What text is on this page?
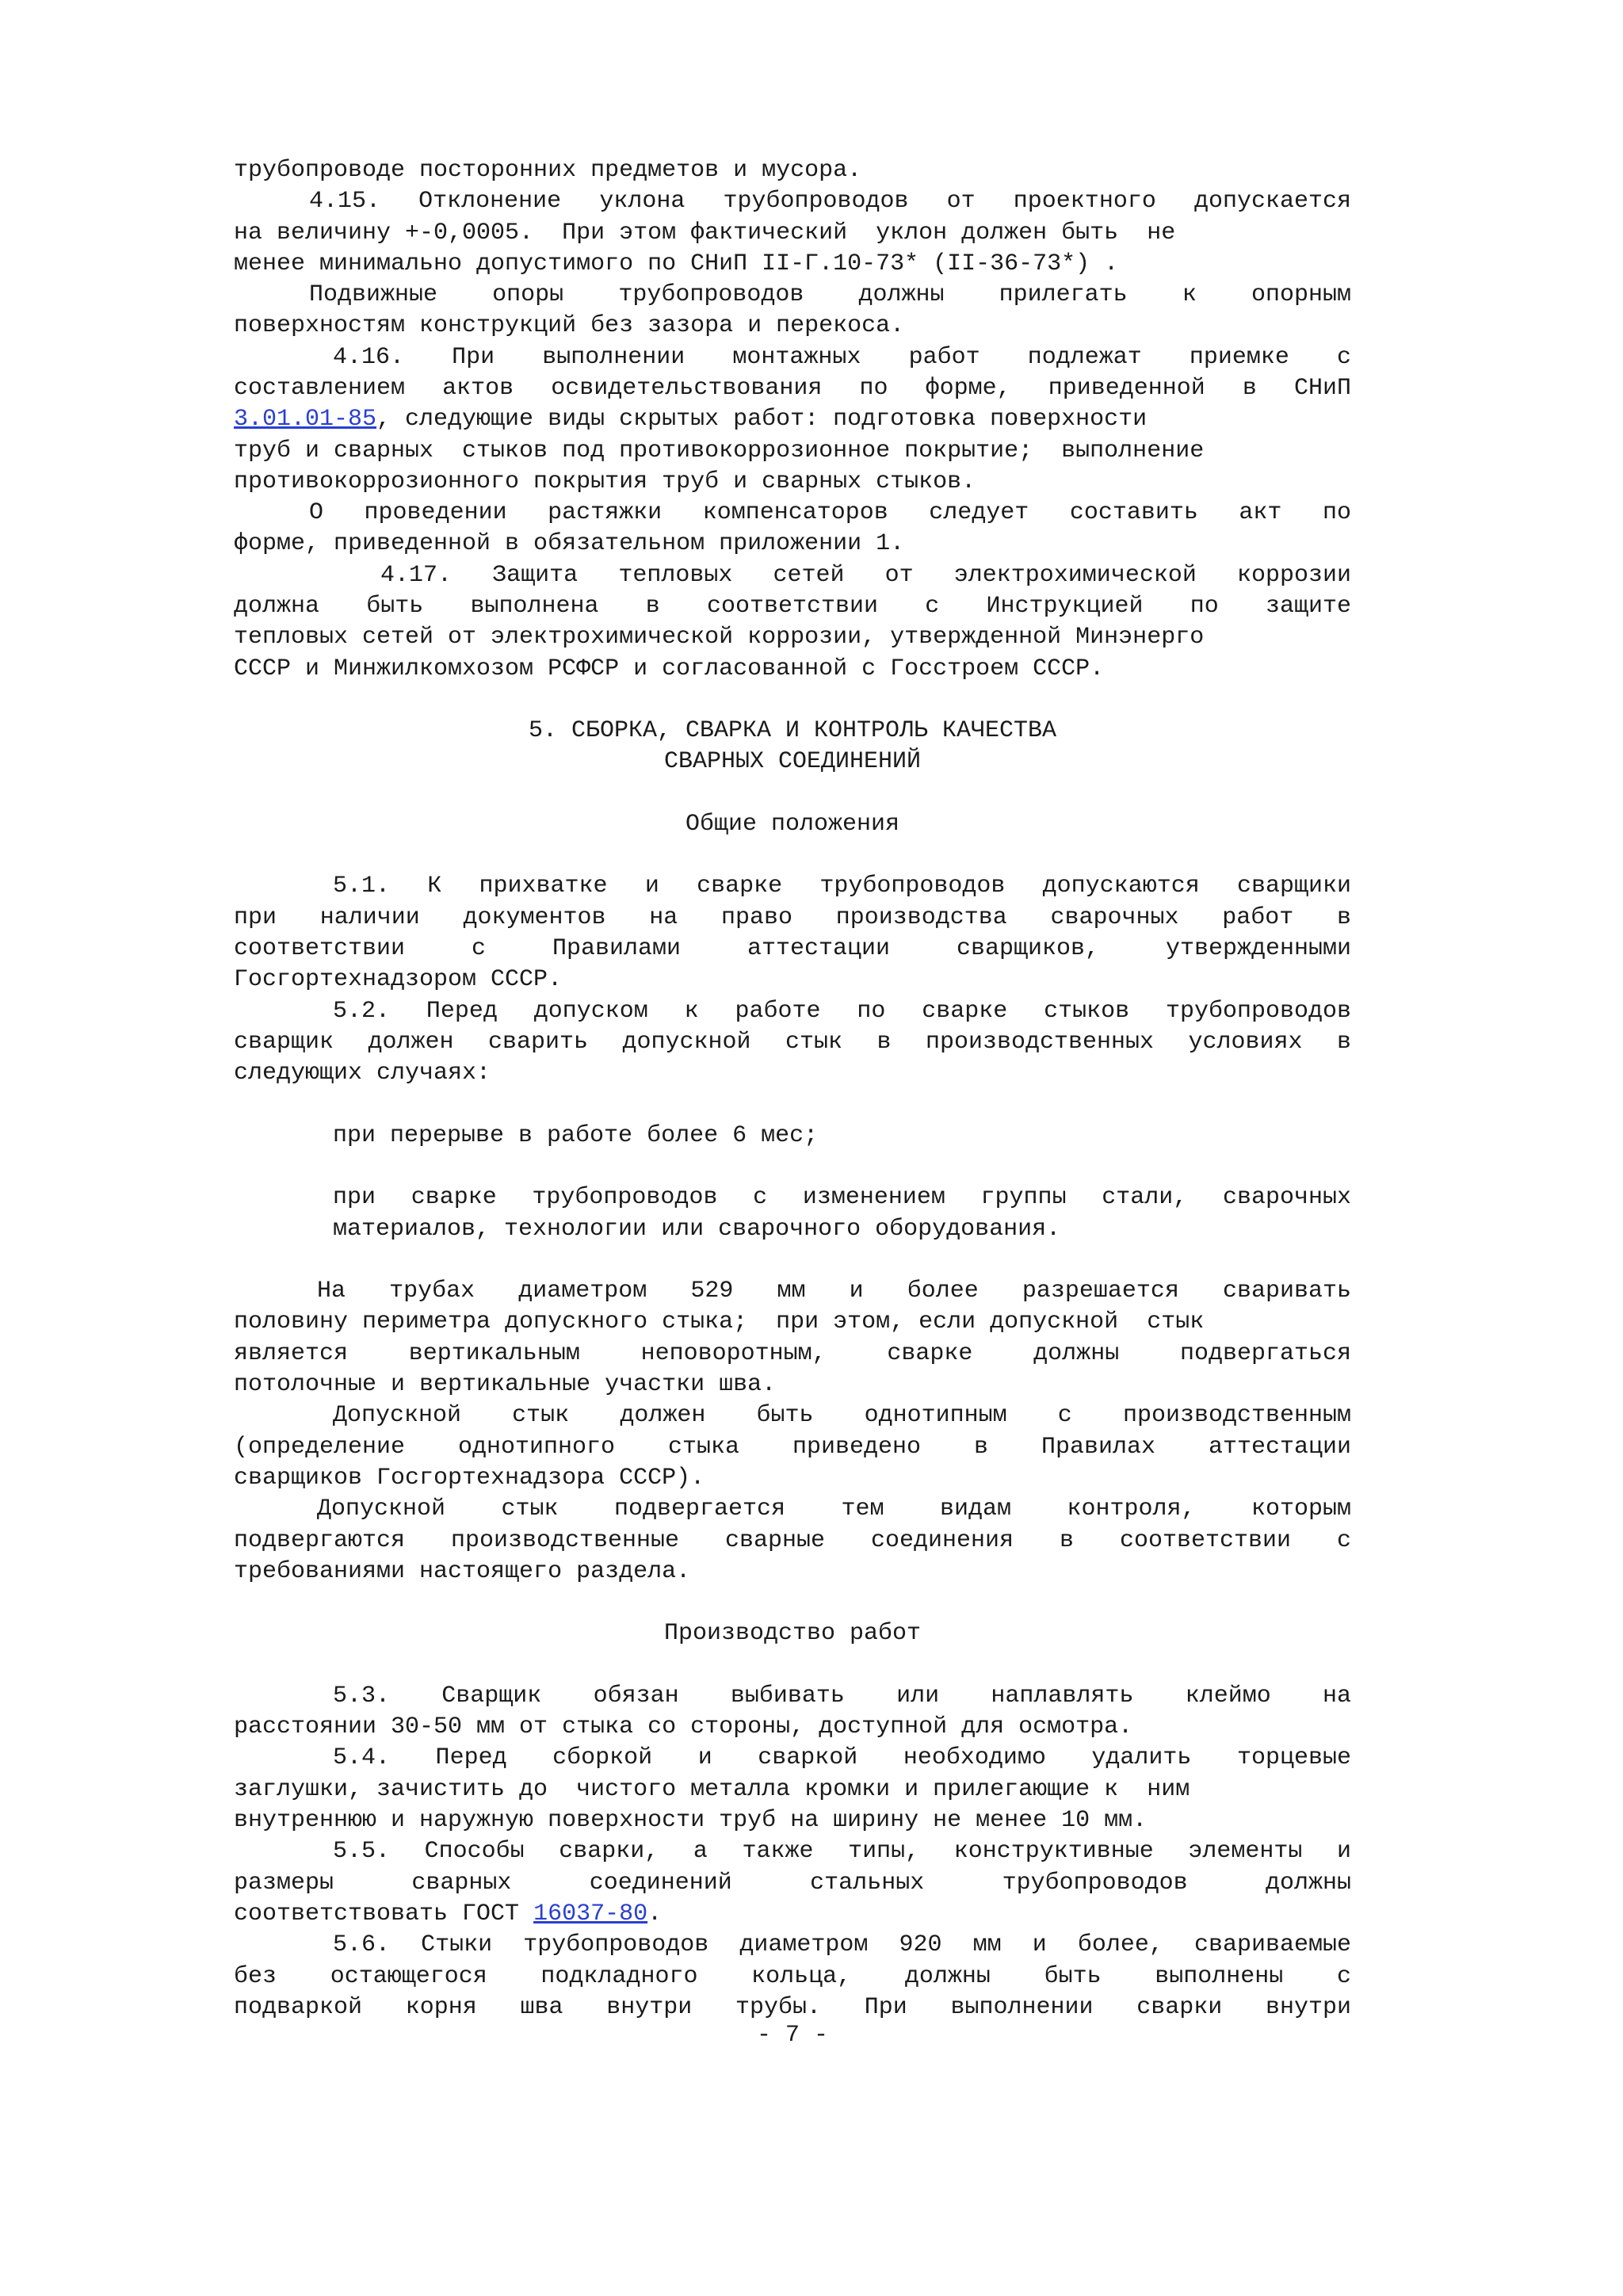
трубопроводе посторонних предметов и мусора.

4.15. Отклонение уклона трубопроводов от проектного допускается

на величину +-0,0005.  При этом фактический  уклон должен быть  не

менее минимально допустимого по СНиП II-Г.10-73* (II-36-73*) .

Подвижные опоры трубопроводов должны прилегать к опорным

поверхностям конструкций без зазора и перекоса.

4.16. При выполнении монтажных работ подлежат приемке с

составлением актов освидетельствования по форме, приведенной в СНиП

3.01.01-85, следующие виды скрытых работ: подготовка поверхности

труб и сварных  стыков под противокоррозионное покрытие;  выполнение

противокоррозионного покрытия труб и сварных стыков.

О проведении растяжки компенсаторов следует составить акт по

форме, приведенной в обязательном приложении 1.

4.17. Защита тепловых сетей от электрохимической коррозии

должна быть выполнена в соответствии с Инструкцией по защите

тепловых сетей от электрохимической коррозии, утвержденной Минэнерго

СССР и Минжилкомхозом РСФСР и согласованной с Госстроем СССР.

5. СБОРКА, СВАРКА И КОНТРОЛЬ КАЧЕСТВА

СВАРНЫХ СОЕДИНЕНИЙ

Общие положения

5.1. К прихватке и сварке трубопроводов допускаются сварщики

при наличии документов на право производства сварочных работ в

соответствии с Правилами аттестации сварщиков, утвержденными

Госгортехнадзором СССР.

5.2. Перед допуском к работе по сварке стыков трубопроводов

сварщик должен сварить допускной стык в производственных условиях в

следующих случаях:

при перерыве в работе более 6 мес;

при сварке трубопроводов с изменением группы стали, сварочных

материалов, технологии или сварочного оборудования.

На трубах диаметром 529 мм и более разрешается сваривать

половину периметра допускного стыка;  при этом, если допускной  стык

является вертикальным неповоротным, сварке должны подвергаться

потолочные и вертикальные участки шва.

Допускной стык должен быть однотипным с производственным

(определение однотипного стыка приведено в Правилах аттестации

сварщиков Госгортехнадзора СССР).

Допускной стык подвергается тем видам контроля, которым

подвергаются производственные сварные соединения в соответствии с

требованиями настоящего раздела.

Производство работ

5.3. Сварщик обязан выбивать или наплавлять клеймо на

расстоянии 30-50 мм от стыка со стороны, доступной для осмотра.

5.4. Перед сборкой и сваркой необходимо удалить торцевые

заглушки, зачистить до  чистого металла кромки и прилегающие к  ним

внутреннюю и наружную поверхности труб на ширину не менее 10 мм.

5.5. Способы сварки, а также типы, конструктивные элементы и

размеры сварных соединений стальных трубопроводов должны

соответствовать ГОСТ 16037-80.

5.6. Стыки трубопроводов диаметром 920 мм и более, свариваемые

без остающегося подкладного кольца, должны быть выполнены с

подваркой корня шва внутри трубы. При выполнении сварки внутри

- 7 -
